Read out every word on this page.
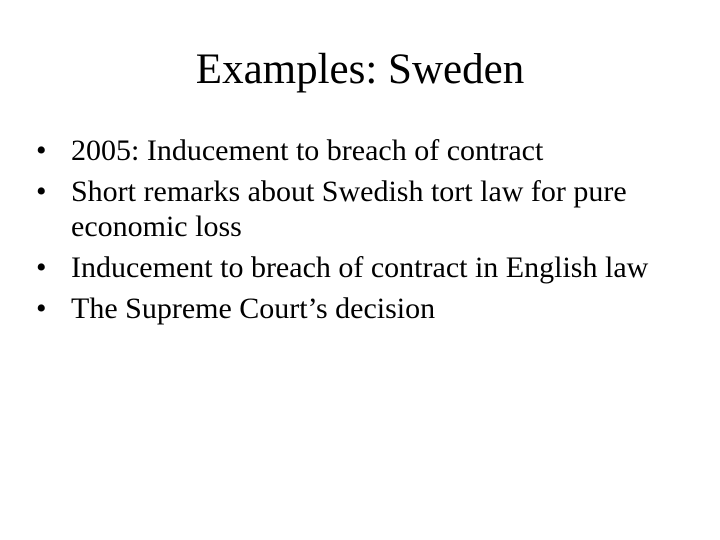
Examples: Sweden
• 2005: Inducement to breach of contract
• Short remarks about Swedish tort law for pure economic loss
• Inducement to breach of contract in English law
• The Supreme Court’s decision
